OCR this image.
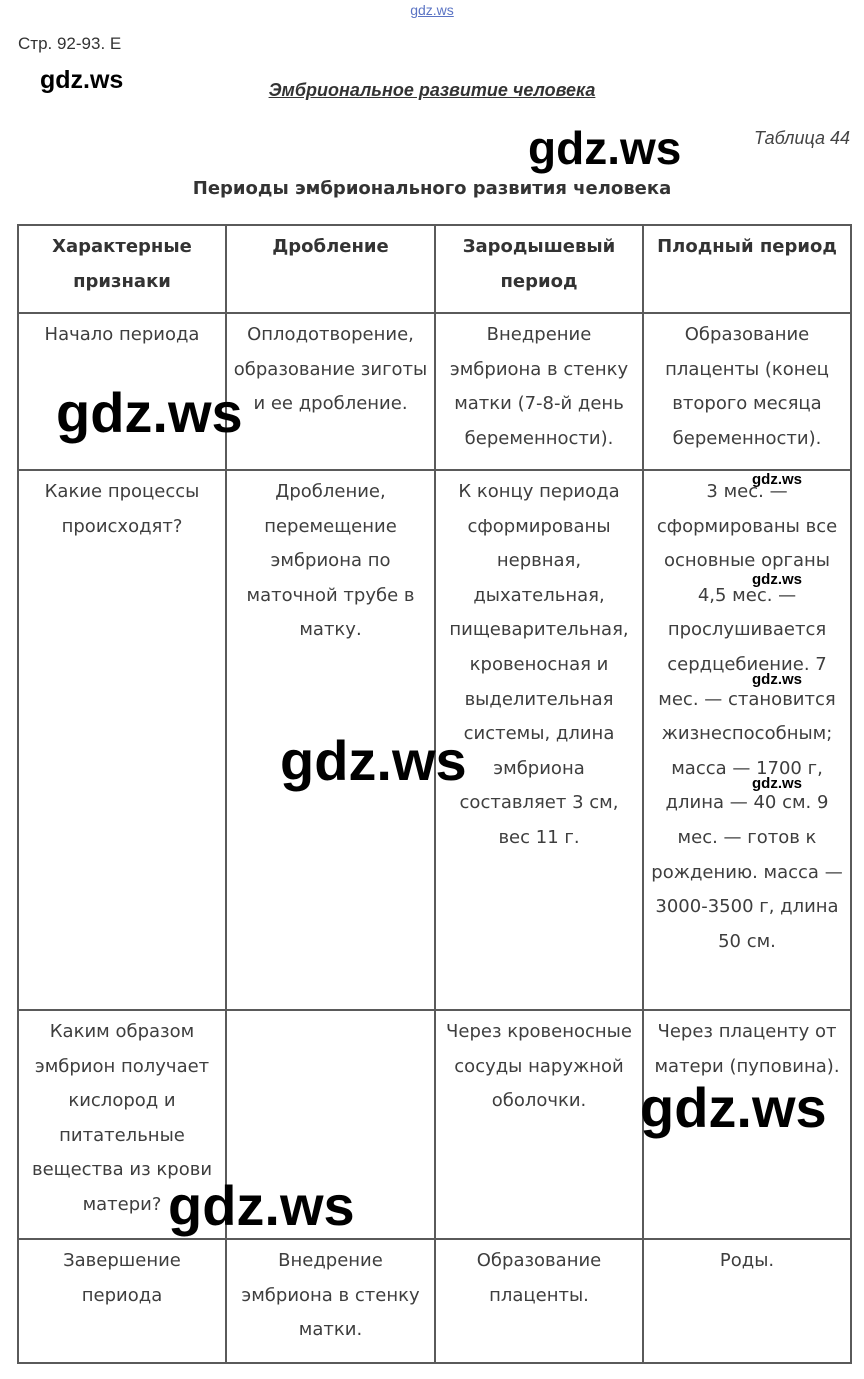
gdz.ws
Стр. 92-93. Е
Эмбриональное развитие человека
Таблица 44
Периоды эмбрионального развития человека
Характерные признаки	Дробление	Зародышевый период	Плодный период
Начало периода	Оплодотворение, образование зиготы и ее дробление.	Внедрение эмбриона в стенку матки (7-8-й день беременности).	Образование плаценты (конец второго месяца беременности).
Какие процессы происходят?	Дробление, перемещение эмбриона по маточной трубе в матку.	К концу периода сформированы нервная, дыхательная, пищеварительная, кровеносная и выделительная системы, длина эмбриона составляет 3 см, вес 11 г.	3 мес. — сформированы все основные органы 4,5 мес. — прослушивается сердцебиение. 7 мес. — становится жизнеспособным; масса — 1700 г, длина — 40 см. 9 мес. — готов к рождению. масса — 3000-3500 г, длина 50 см.
Каким образом эмбрион получает кислород и питательные вещества из крови матери?		Через кровеносные сосуды наружной оболочки.	Через плаценту от матери (пуповина).
Завершение периода	Внедрение эмбриона в стенку матки.	Образование плаценты.	Роды.
gdz.ws
gdz.ws
gdz.ws
gdz.ws
gdz.ws
gdz.ws
gdz.ws
gdz.ws
gdz.ws
gdz.ws
